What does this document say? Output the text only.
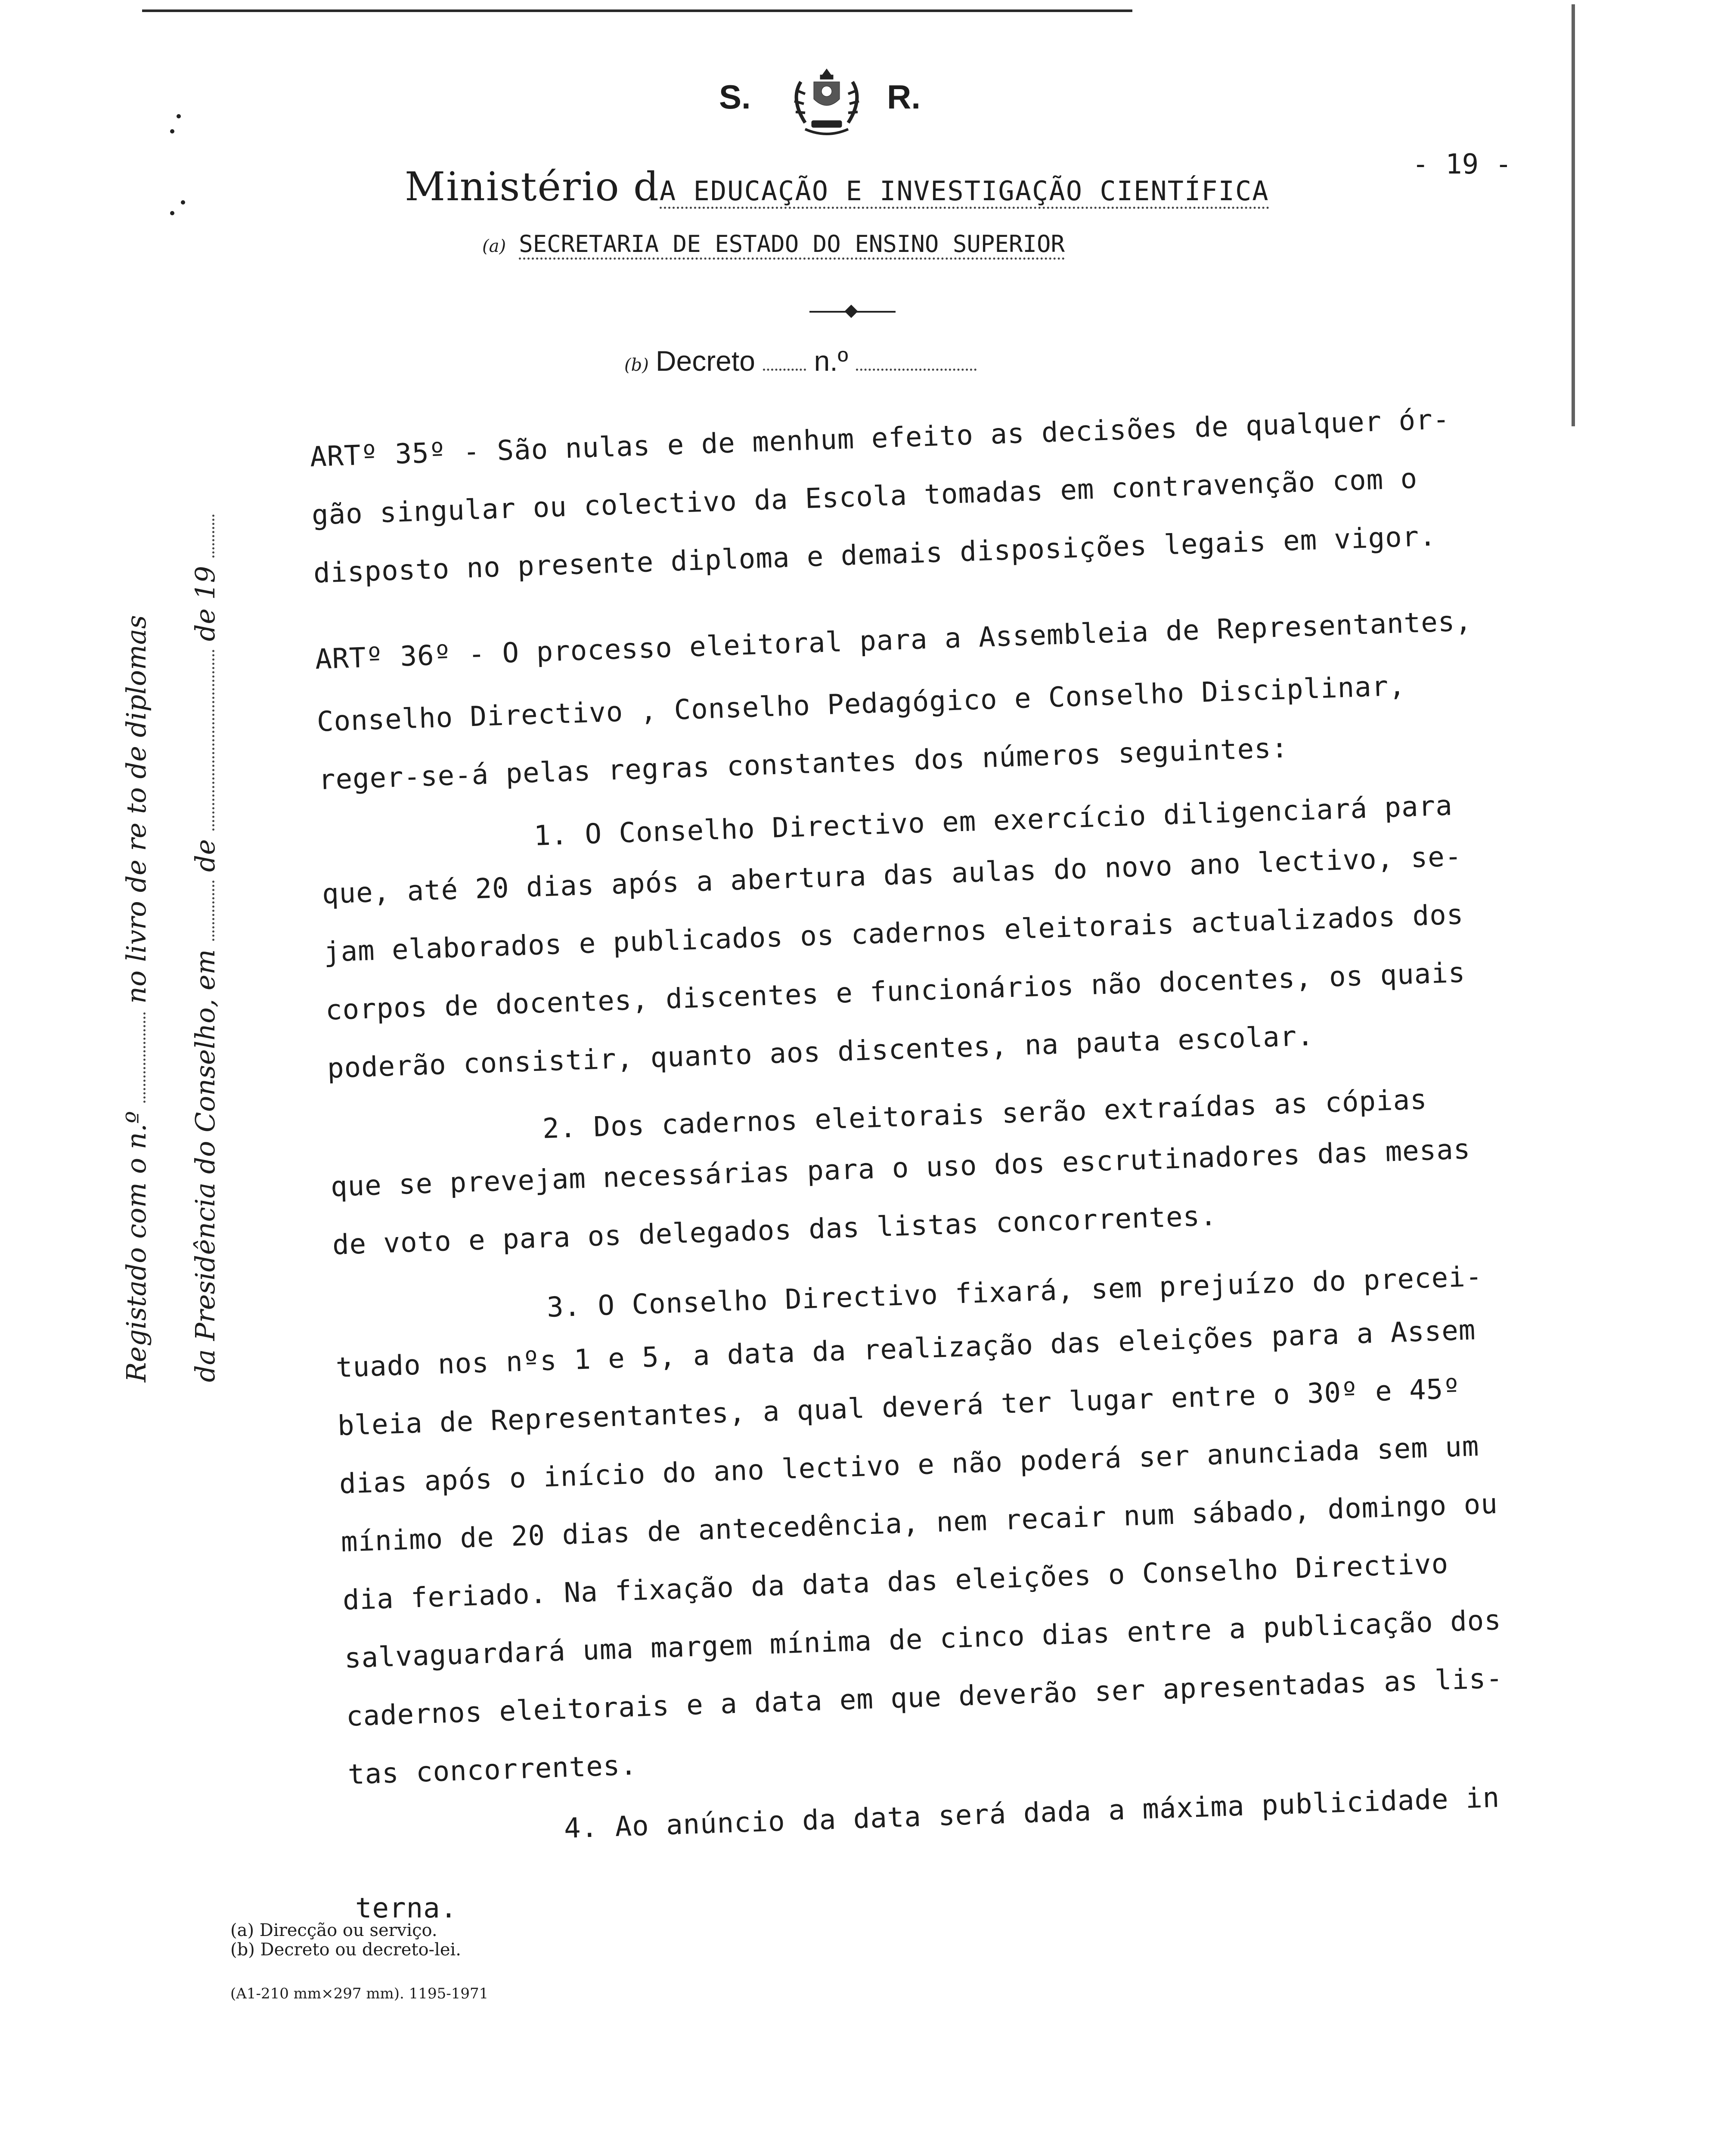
S.	R.
Ministério dA EDUCAÇÃO E INVESTIGAÇÃO CIENTÍFICA
- 19 -
(a) SECRETARIA DE ESTADO DO ENSINO SUPERIOR
(b) Decreto n.º
Registado com o n.º  no livro de re to de diplomas
da Presidência do Conselho, em  de  de 19
ARTº 35º - São nulas e de menhum efeito as decisões de qualquer ór-
gão singular ou colectivo da Escola tomadas em contravenção com o
disposto no presente diploma e demais disposições legais em vigor.
ARTº 36º - O processo eleitoral para a Assembleia de Representantes,
Conselho Directivo , Conselho Pedagógico e Conselho Disciplinar,
reger-se-á pelas regras constantes dos números seguintes:
1. O Conselho Directivo em exercício diligenciará para
que, até 20 dias após a abertura das aulas do novo ano lectivo, se-
jam elaborados e publicados os cadernos eleitorais actualizados dos
corpos de docentes, discentes e funcionários não docentes, os quais
poderão consistir, quanto aos discentes, na pauta escolar.
2. Dos cadernos eleitorais serão extraídas as cópias
que se prevejam necessárias para o uso dos escrutinadores das mesas
de voto e para os delegados das listas concorrentes.
3. O Conselho Directivo fixará, sem prejuízo do precei-
tuado nos nºs 1 e 5, a data da realização das eleições para a Assem
bleia de Representantes, a qual deverá ter lugar entre o 30º e 45º
dias após o início do ano lectivo e não poderá ser anunciada sem um
mínimo de 20 dias de antecedência, nem recair num sábado, domingo ou
dia feriado. Na fixação da data das eleições o Conselho Directivo
salvaguardará uma margem mínima de cinco dias entre a publicação dos
cadernos eleitorais e a data em que deverão ser apresentadas as lis-
tas concorrentes.
4. Ao anúncio da data será dada a máxima publicidade in
terna.
(a) Direcção ou serviço.
(b) Decreto ou decreto-lei.
(A1-210 mm×297 mm). 1195-1971
